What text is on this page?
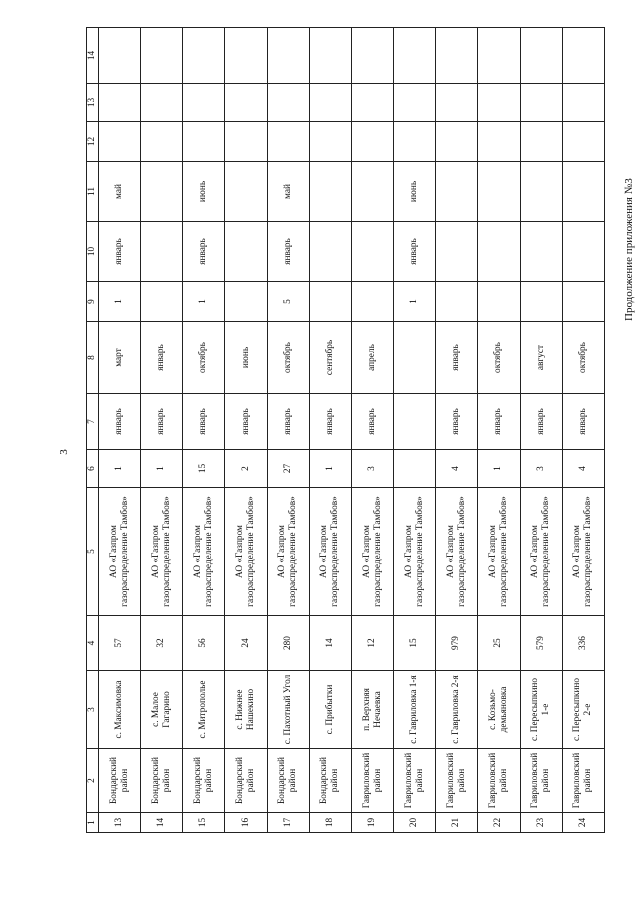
3
Продолжение приложения №3
1	2	3	4	5	6	7	8	9	10	11	12	13	14
13	Бондарский район	с. Максимовка	57	АО «Газпром газораспределение Тамбов»	1	январь	март	1	январь	май			
14	Бондарский район	с. Малое Гагарино	32	АО «Газпром газораспределение Тамбов»	1	январь	январь						
15	Бондарский район	с. Митрополье	56	АО «Газпром газораспределение Тамбов»	15	январь	октябрь	1	январь	июнь			
16	Бондарский район	с. Нижнее Нашекино	24	АО «Газпром газораспределение Тамбов»	2	январь	июнь						
17	Бондарский район	с. Пахотный Угол	280	АО «Газпром газораспределение Тамбов»	27	январь	октябрь	5	январь	май			
18	Бондарский район	с. Прибытки	14	АО «Газпром газораспределение Тамбов»	1	январь	сентябрь						
19	Гавриловский район	п. Верхняя Нечаевка	12	АО «Газпром газораспределение Тамбов»	3	январь	апрель						
20	Гавриловский район	с. Гавриловка 1-я	15	АО «Газпром газораспределение Тамбов»				1	январь	июнь			
21	Гавриловский район	с. Гавриловка 2-я	979	АО «Газпром газораспределение Тамбов»	4	январь	январь						
22	Гавриловский район	с. Козьмо-демьяновка	25	АО «Газпром газораспределение Тамбов»	1	январь	октябрь						
23	Гавриловский район	с. Пересыпкино 1-е	579	АО «Газпром газораспределение Тамбов»	3	январь	август						
24	Гавриловский район	с. Пересыпкино 2-е	336	АО «Газпром газораспределение Тамбов»	4	январь	октябрь						
